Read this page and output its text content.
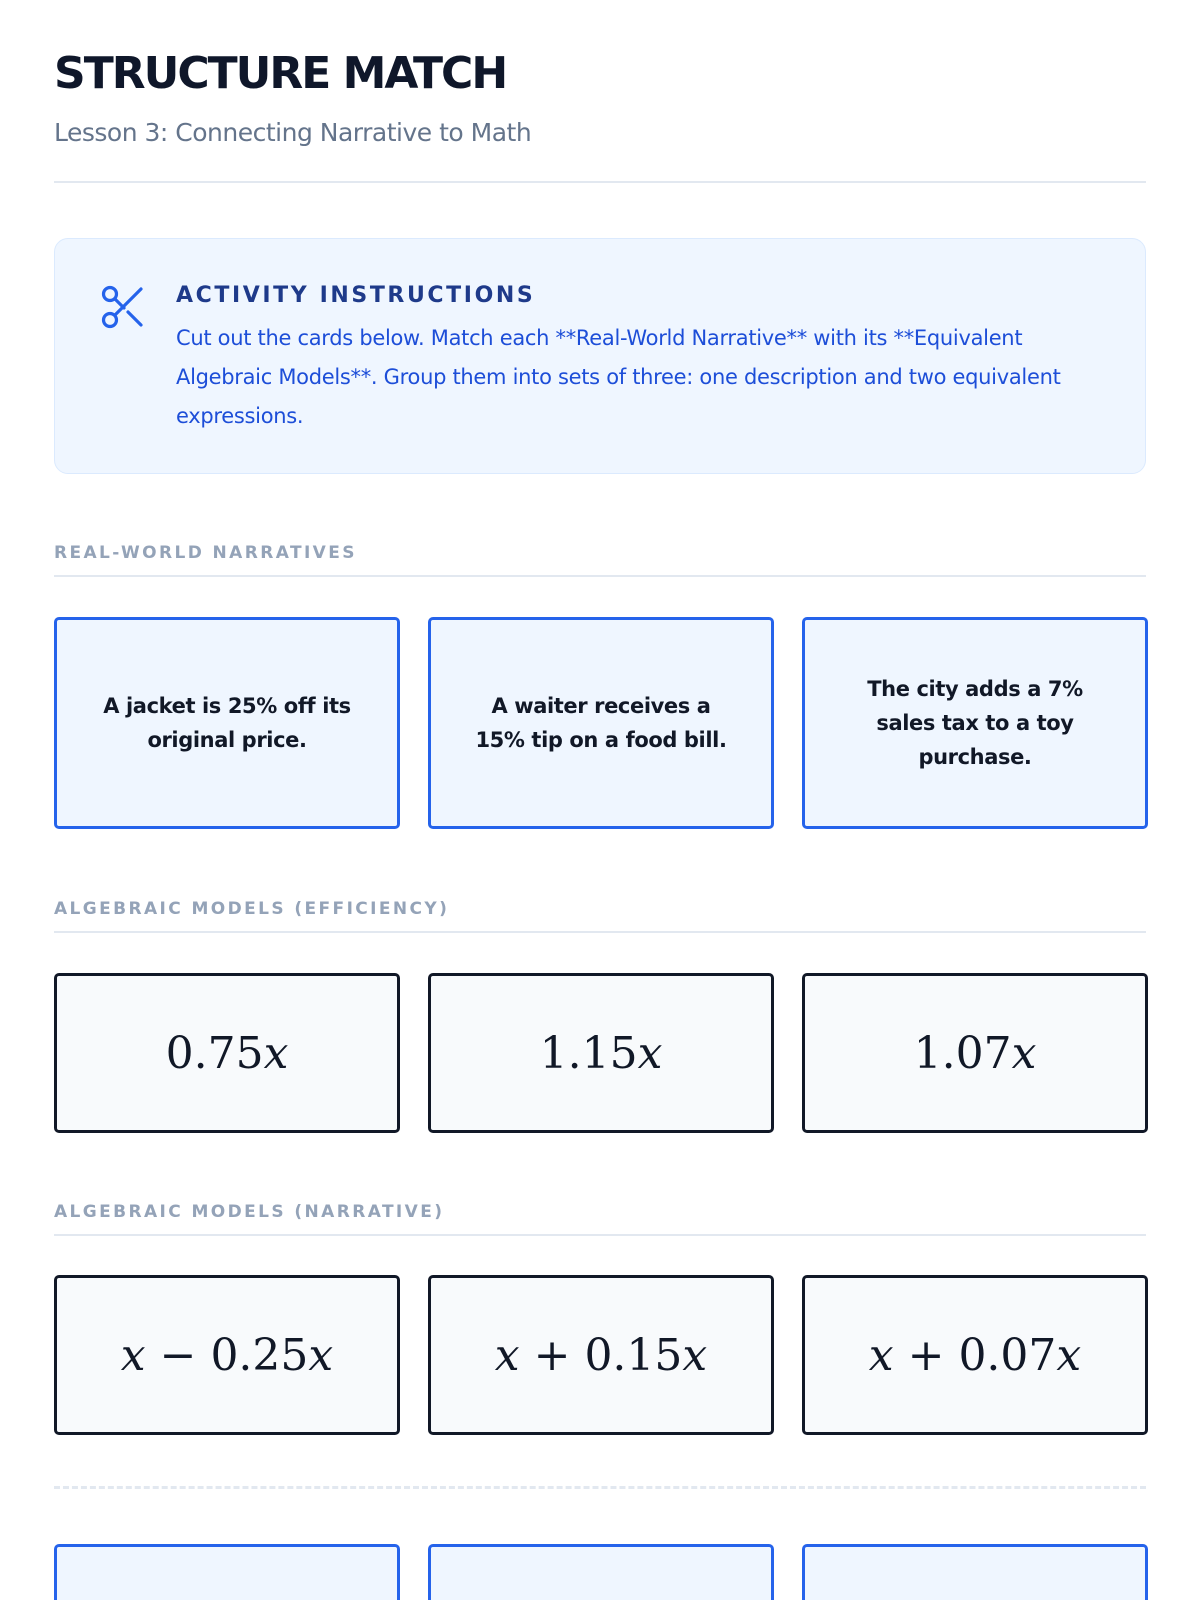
STRUCTURE MATCH
Lesson 3: Connecting Narrative to Math
ACTIVITY INSTRUCTIONS
Cut out the cards below. Match each **Real-World Narrative** with its **Equivalent Algebraic Models**. Group them into sets of three: one description and two equivalent expressions.
REAL-WORLD NARRATIVES
A jacket is 25% off its original price.
A waiter receives a 15% tip on a food bill.
The city adds a 7% sales tax to a toy purchase.
ALGEBRAIC MODELS (EFFICIENCY)
0.75 x	1.15 x	1.07 x
ALGEBRAIC MODELS (NARRATIVE)
x − 0.25 x	x + 0.15 x	x + 0.07 x
